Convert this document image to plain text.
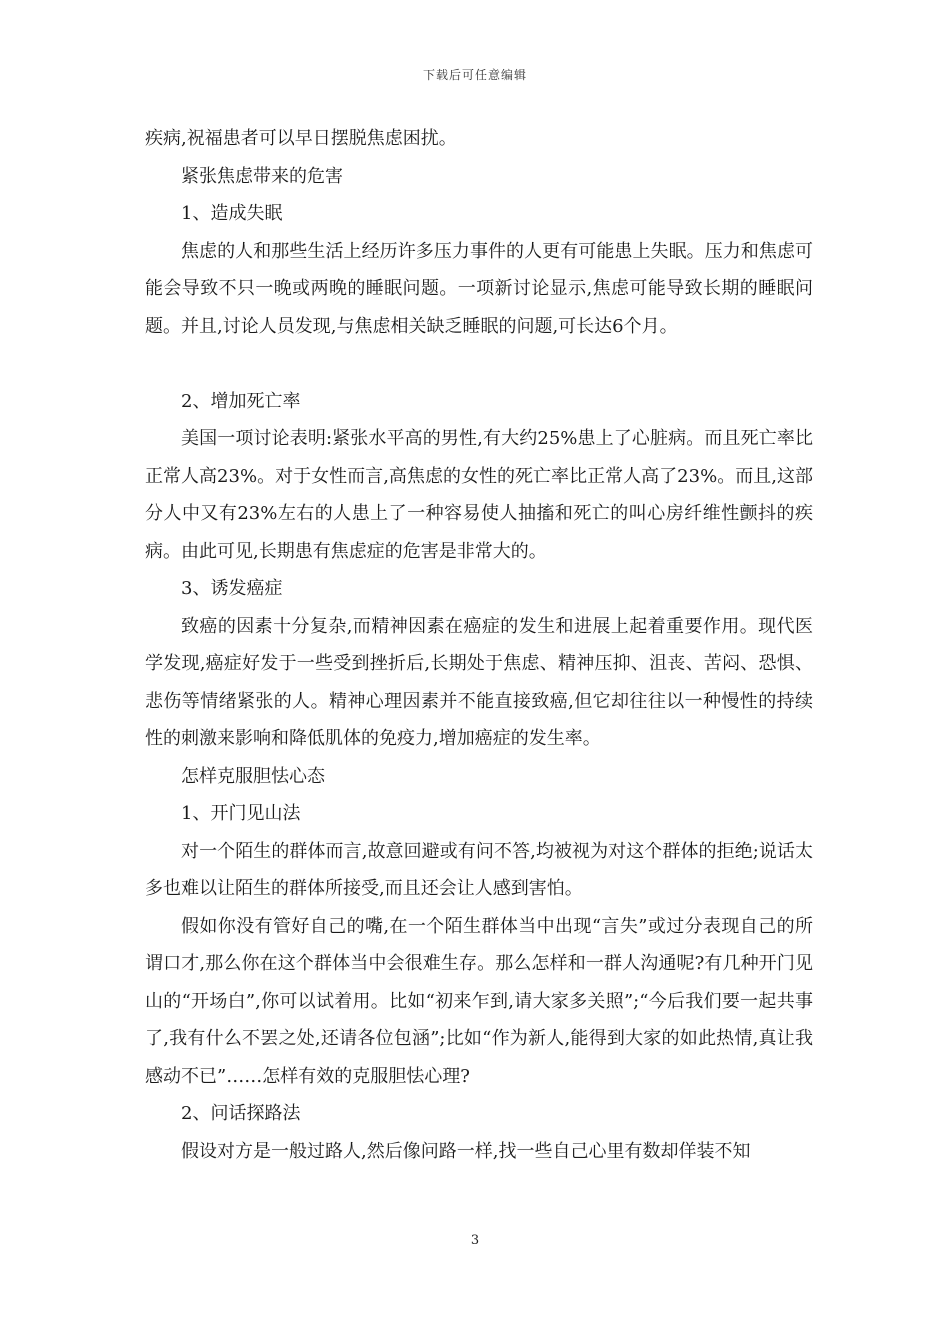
下载后可任意编辑

疾病,祝福患者可以早日摆脱焦虑困扰。

紧张焦虑带来的危害

1、造成失眠

焦虑的人和那些生活上经历许多压力事件的人更有可能患上失眠。压力和焦虑可能会导致不只一晚或两晚的睡眠问题。一项新讨论显示,焦虑可能导致长期的睡眠问题。并且,讨论人员发现,与焦虑相关缺乏睡眠的问题,可长达6个月。

2、增加死亡率

美国一项讨论表明:紧张水平高的男性,有大约25%患上了心脏病。而且死亡率比正常人高23%。对于女性而言,高焦虑的女性的死亡率比正常人高了23%。而且,这部分人中又有23%左右的人患上了一种容易使人抽搐和死亡的叫心房纤维性颤抖的疾病。由此可见,长期患有焦虑症的危害是非常大的。

3、诱发癌症

致癌的因素十分复杂,而精神因素在癌症的发生和进展上起着重要作用。现代医学发现,癌症好发于一些受到挫折后,长期处于焦虑、精神压抑、沮丧、苦闷、恐惧、悲伤等情绪紧张的人。精神心理因素并不能直接致癌,但它却往往以一种慢性的持续性的刺激来影响和降低肌体的免疫力,增加癌症的发生率。

怎样克服胆怯心态

1、开门见山法

对一个陌生的群体而言,故意回避或有问不答,均被视为对这个群体的拒绝;说话太多也难以让陌生的群体所接受,而且还会让人感到害怕。

假如你没有管好自己的嘴,在一个陌生群体当中出现“言失”或过分表现自己的所谓口才,那么你在这个群体当中会很难生存。那么怎样和一群人沟通呢?有几种开门见山的“开场白”,你可以试着用。比如“初来乍到,请大家多关照”;“今后我们要一起共事了,我有什么不罢之处,还请各位包涵”;比如“作为新人,能得到大家的如此热情,真让我感动不已”……怎样有效的克服胆怯心理?

2、问话探路法

假设对方是一般过路人,然后像问路一样,找一些自己心里有数却佯装不知

3
